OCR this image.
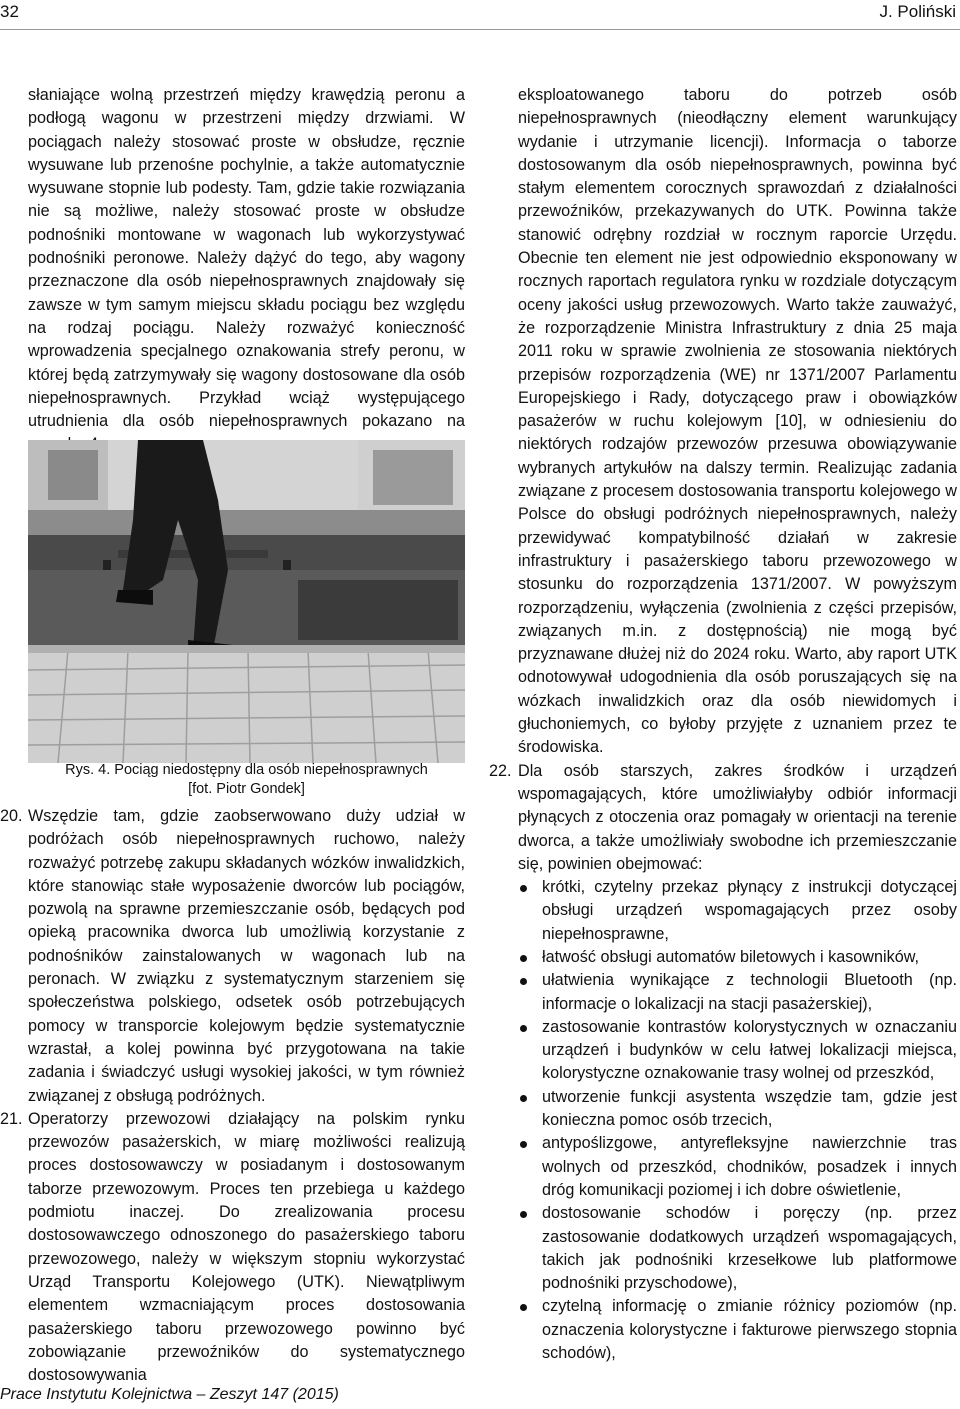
32	J. Poliński

słaniające wolną przestrzeń między krawędzią peronu a podłogą wagonu w przestrzeni między drzwiami. W pociągach należy stosować proste w obsłudze, ręcznie wysuwane lub przenośne pochylnie, a także automatycznie wysuwane stopnie lub podesty. Tam, gdzie takie rozwiązania nie są możliwe, należy stosować proste w obsłudze podnośniki montowane w wagonach lub wykorzystywać podnośniki peronowe. Należy dążyć do tego, aby wagony przeznaczone dla osób niepełnosprawnych znajdowały się zawsze w tym samym miejscu składu pociągu bez względu na rodzaj pociągu. Należy rozważyć konieczność wprowadzenia specjalnego oznakowania strefy peronu, w której będą zatrzymywały się wagony dostosowane dla osób niepełnosprawnych. Przykład wciąż występującego utrudnienia dla osób niepełnosprawnych pokazano na

Rys. 4. Pociąg niedostępny dla osób niepełnosprawnych
[fot. Piotr Gondek]
20. Wszędzie tam, gdzie zaobserwowano duży udział w podróżach osób niepełnosprawnych ruchowo, należy rozważyć potrzebę zakupu składanych wózków inwalidzkich, które stanowiąc stałe wyposażenie dworców lub pociągów, pozwolą na sprawne przemieszczanie osób, będących pod opieką pracownika dworca lub umożliwią korzystanie z podnośników zainstalowanych w wagonach lub na peronach. W związku z systematycznym starzeniem się społeczeństwa polskiego, odsetek osób potrzebujących pomocy w transporcie kolejowym będzie systematycznie wzrastał, a kolej powinna być przygotowana na takie zadania i świadczyć usługi wysokiej jakości, w tym również związanej z obsługą podróżnych.
21. Operatorzy przewozowi działający na polskim rynku przewozów pasażerskich, w miarę możliwości realizują proces dostosowawczy w posiadanym i dostosowanym taborze przewozowym. Proces ten przebiega u każdego podmiotu inaczej. Do zrealizowania procesu dostosowawczego odnoszonego do pasażerskiego taboru przewozowego, należy w większym stopniu wykorzystać Urząd Transportu Kolejowego (UTK). Niewątpliwym elementem wzmacniającym proces dostosowania pasażerskiego taboru przewozowego powinno być zobowiązanie przewoźników do systematycznego dostosowywania

eksploatowanego taboru do potrzeb osób niepełnosprawnych (nieodłączny element warunkujący wydanie i utrzymanie licencji). Informacja o taborze dostosowanym dla osób niepełnosprawnych, powinna być stałym elementem corocznych sprawozdań z działalności przewoźników, przekazywanych do UTK. Powinna także stanowić odrębny rozdział w rocznym raporcie Urzędu. Obecnie ten element nie jest odpowiednio eksponowany w rocznych raportach regulatora rynku w rozdziale dotyczącym oceny jakości usług przewozowych. Warto także zauważyć, że rozporządzenie Ministra Infrastruktury z dnia 25 maja 2011 roku w sprawie zwolnienia ze stosowania niektórych przepisów rozporządzenia (WE) nr 1371/2007 Parlamentu Europejskiego i Rady, dotyczącego praw i obowiązków pasażerów w ruchu kolejowym [10], w odniesieniu do niektórych rodzajów przewozów przesuwa obowiązywanie wybranych artykułów na dalszy termin. Realizując zadania związane z procesem dostosowania transportu kolejowego w Polsce do obsługi podróżnych niepełnosprawnych, należy przewidywać kompatybilność działań w zakresie infrastruktury i pasażerskiego taboru przewozowego w stosunku do rozporządzenia 1371/2007. W powyższym rozporządzeniu, wyłączenia (zwolnienia z części przepisów, związanych m.in. z dostępnością) nie mogą być przyznawane dłużej niż do 2024 roku. Warto, aby raport UTK odnotowywał udogodnienia dla osób poruszających się na wózkach inwalidzkich oraz dla osób niewidomych i głuchoniemych, co byłoby przyjęte z uznaniem przez te środowiska.

22. Dla osób starszych, zakres środków i urządzeń wspomagających, które umożliwiałyby odbiór informacji płynących z otoczenia oraz pomagały w orientacji na terenie dworca, a także umożliwiały swobodne ich przemieszczanie się, powinien obejmować:
krótki, czytelny przekaz płynący z instrukcji dotyczącej obsługi urządzeń wspomagających przez osoby niepełnosprawne,
łatwość obsługi automatów biletowych i kasowników,
ułatwienia wynikające z technologii Bluetooth (np. informacje o lokalizacji na stacji pasażerskiej),
zastosowanie kontrastów kolorystycznych w oznaczaniu urządzeń i budynków w celu łatwej lokalizacji miejsca, kolorystyczne oznakowanie trasy wolnej od przeszkód,
utworzenie funkcji asystenta wszędzie tam, gdzie jest konieczna pomoc osób trzecich,
antypoślizgowe, antyrefleksyjne nawierzchnie tras wolnych od przeszkód, chodników, posadzek i innych dróg komunikacji poziomej i ich dobre oświetlenie,
dostosowanie schodów i poręczy (np. przez zastosowanie dodatkowych urządzeń wspomagających, takich jak podnośniki krzesełkowe lub platformowe podnośniki przyschodowe),
czytelną informację o zmianie różnicy poziomów (np. oznaczenia kolorystyczne i fakturowe pierwszego stopnia schodów),
Prace Instytutu Kolejnictwa – Zeszyt 147 (2015)
